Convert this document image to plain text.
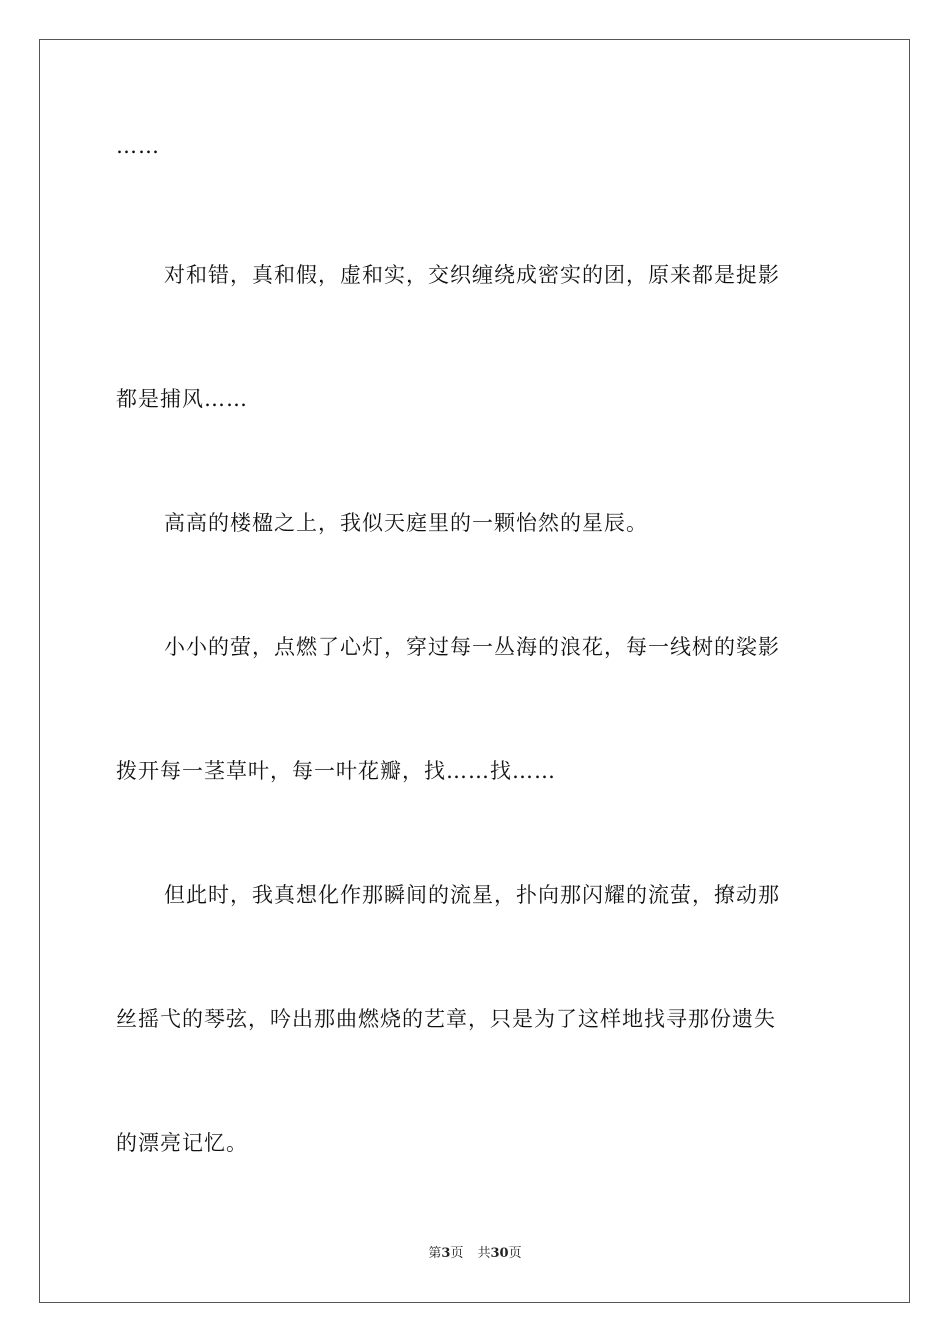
……
对和错，真和假，虚和实，交织缠绕成密实的团，原来都是捉影
都是捕风……
高高的楼楹之上，我似天庭里的一颗怡然的星辰。
小小的萤，点燃了心灯，穿过每一丛海的浪花，每一线树的裟影
拨开每一茎草叶，每一叶花瓣，找……找……
但此时，我真想化作那瞬间的流星，扑向那闪耀的流萤，撩动那
丝摇弋的琴弦，吟出那曲燃烧的艺章，只是为了这样地找寻那份遗失
的漂亮记忆。
第3页 共30页
